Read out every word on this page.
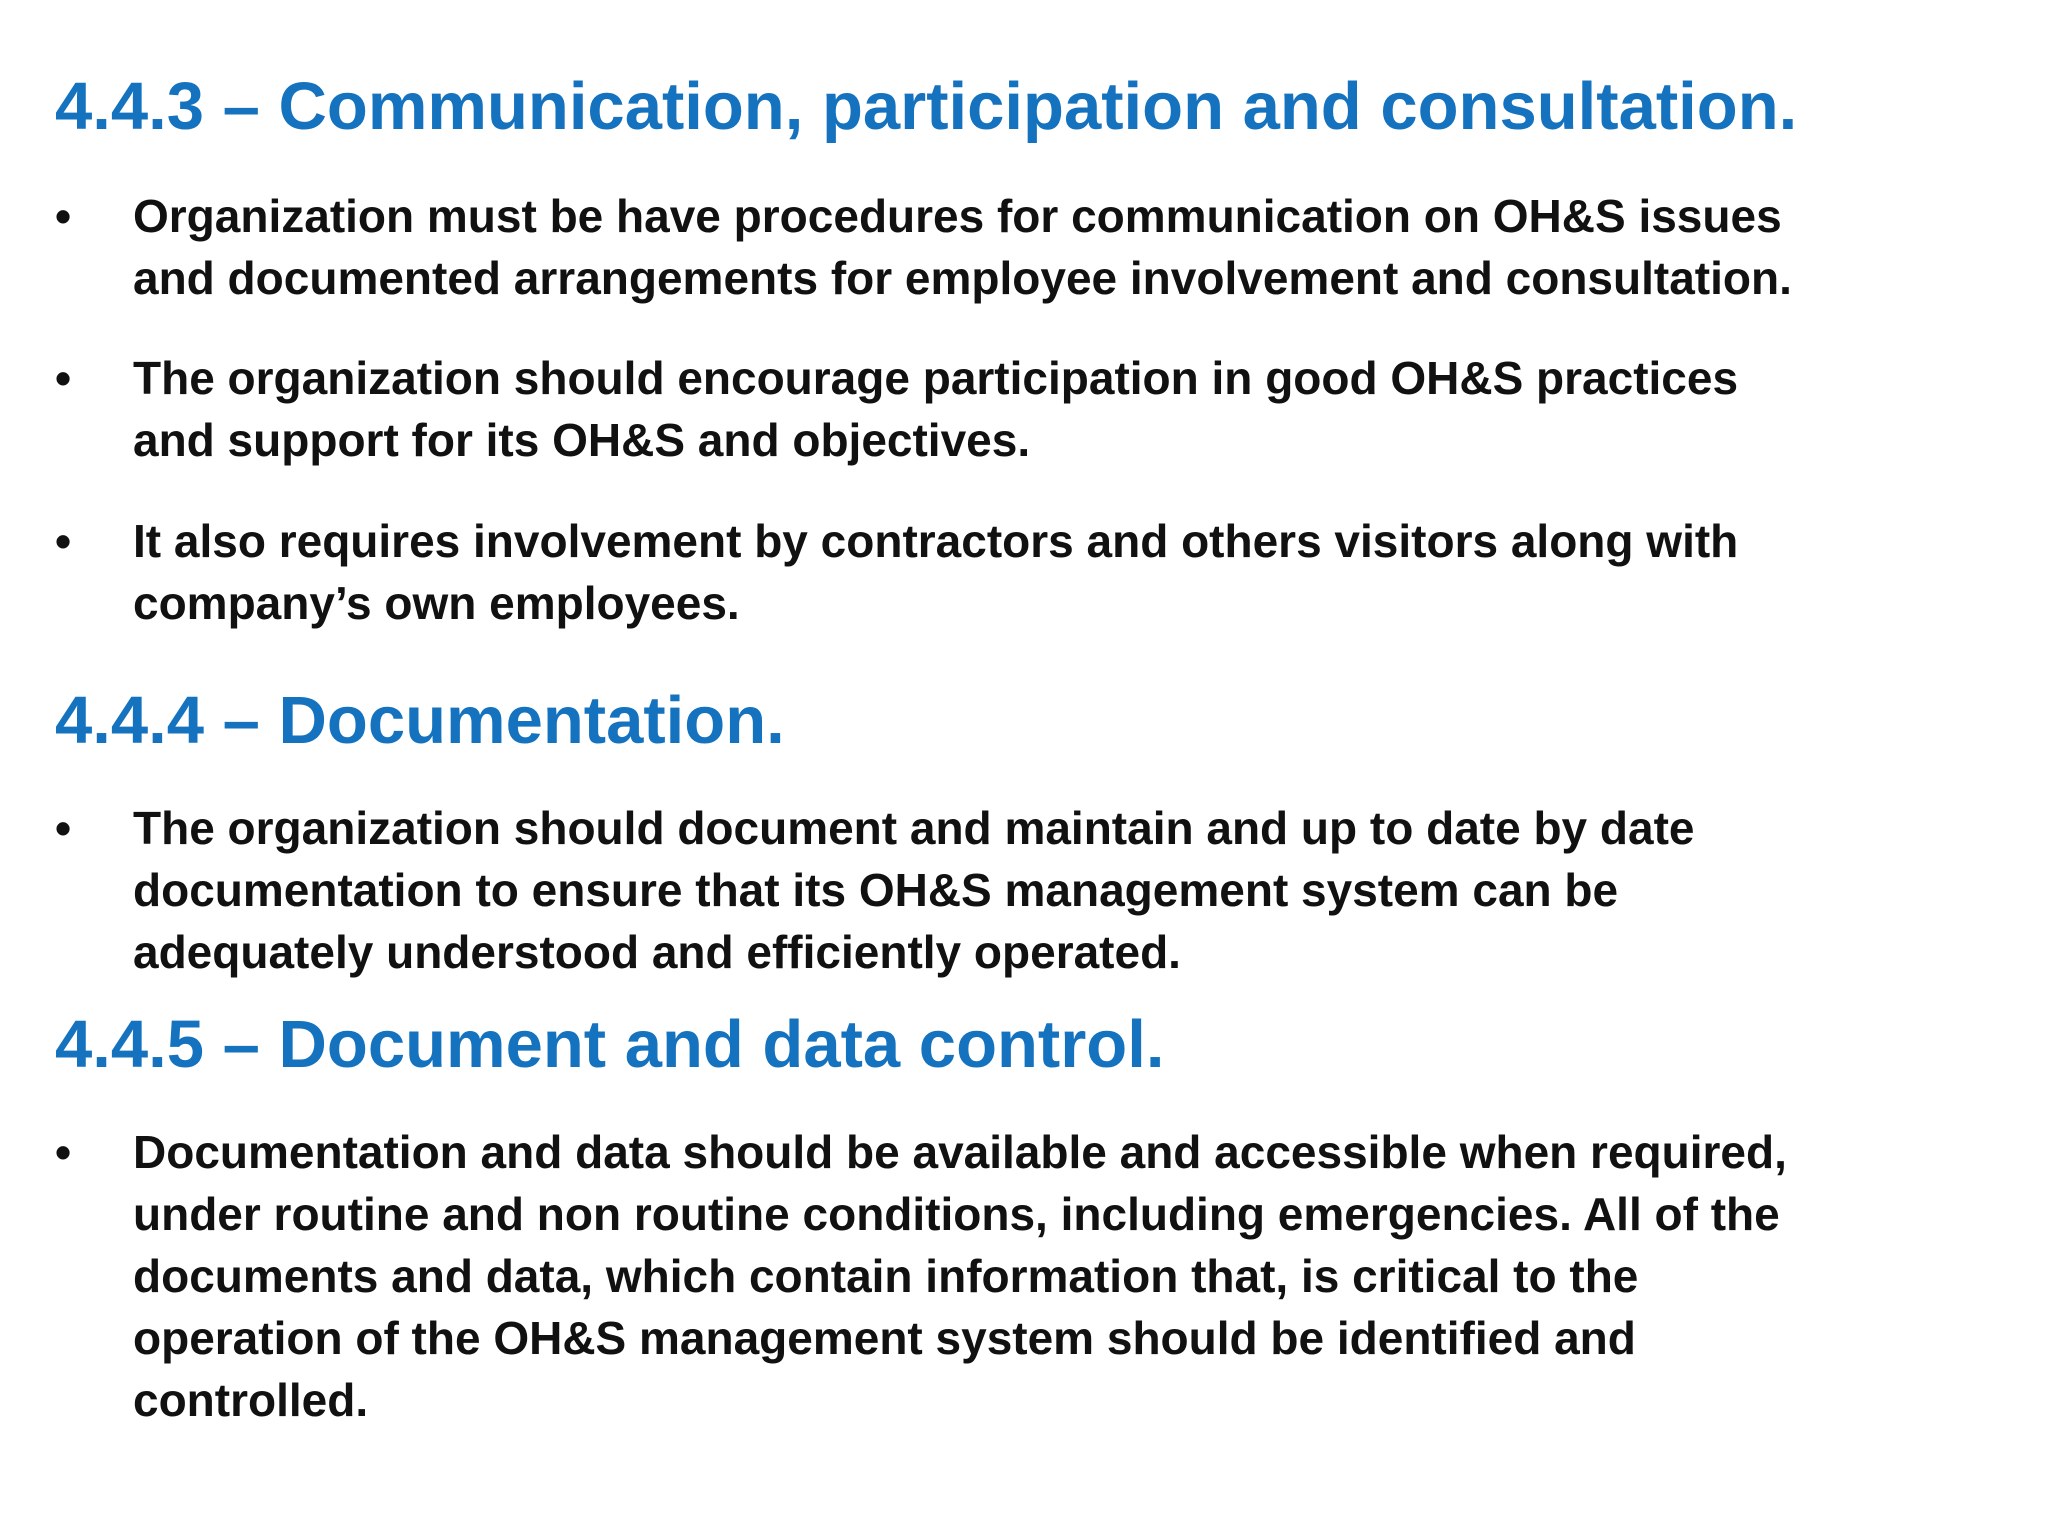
4.4.3 – Communication, participation and consultation.
• Organization must be have procedures for communication on OH&S issues
and documented arrangements for employee involvement and consultation.

• The organization should encourage participation in good OH&S practices
and support for its OH&S and objectives.

• It also requires involvement by contractors and others visitors along with
company’s own employees.

4.4.4 – Documentation.
• The organization should document and maintain and up to date by date
documentation to ensure that its OH&S management system can be
adequately understood and efficiently operated.

4.4.5 – Document and data control.
• Documentation and data should be available and accessible when required,
under routine and non routine conditions, including emergencies. All of the
documents and data, which contain information that, is critical to the
operation of the OH&S management system should be identified and
controlled.
